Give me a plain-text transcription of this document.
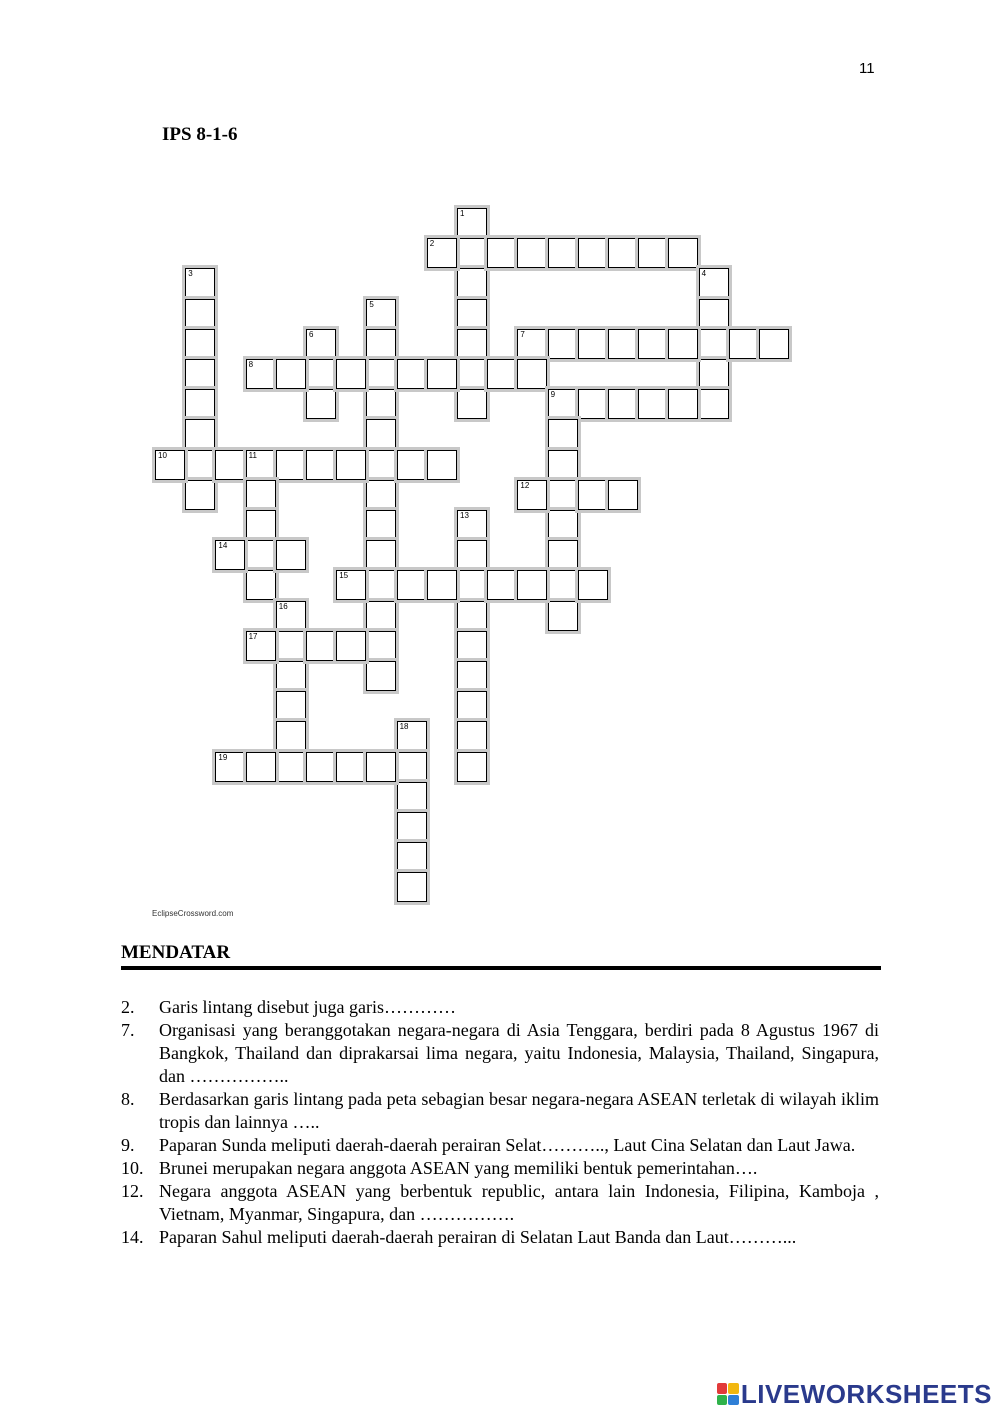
11
IPS 8-1-6
1
2
3	4
5
6	7
8
9
10	11
12
13
14
15
16
17
18
19
EclipseCrossword.com
MENDATAR
2. Garis lintang disebut juga garis…………
7. Organisasi yang beranggotakan negara-negara di Asia Tenggara, berdiri pada 8 Agustus 1967 di Bangkok, Thailand dan diprakarsai lima negara, yaitu Indonesia, Malaysia, Thailand, Singapura, dan ……………..
8. Berdasarkan garis lintang pada peta sebagian besar negara-negara ASEAN terletak di wilayah iklim tropis dan lainnya …..
9. Paparan Sunda meliputi daerah-daerah perairan Selat……….., Laut Cina Selatan dan Laut Jawa.
10. Brunei merupakan negara anggota ASEAN yang memiliki bentuk pemerintahan….
12. Negara anggota ASEAN yang berbentuk republic, antara lain Indonesia, Filipina, Kamboja , Vietnam, Myanmar, Singapura, dan …………….
14. Paparan Sahul meliputi daerah-daerah perairan di Selatan Laut Banda dan Laut………...
LIVEWORKSHEETS
